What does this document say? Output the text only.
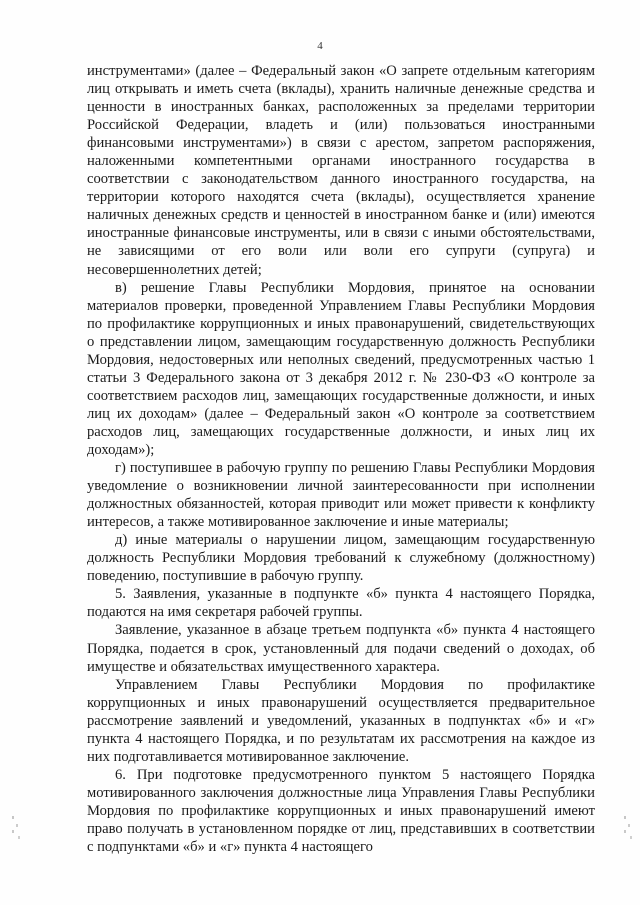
4

инструментами» (далее – Федеральный закон «О запрете отдельным категориям лиц открывать и иметь счета (вклады), хранить наличные денежные средства и ценности в иностранных банках, расположенных за пределами территории Российской Федерации, владеть и (или) пользоваться иностранными финансовыми инструментами») в связи с арестом, запретом распоряжения, наложенными компетентными органами иностранного государства в соответствии с законодательством данного иностранного государства, на территории которого находятся счета (вклады), осуществляется хранение наличных денежных средств и ценностей в иностранном банке и (или) имеются иностранные финансовые инструменты, или в связи с иными обстоятельствами, не зависящими от его воли или воли его супруги (супруга) и несовершеннолетних детей;

в) решение Главы Республики Мордовия, принятое на основании материалов проверки, проведенной Управлением Главы Республики Мордовия по профилактике коррупционных и иных правонарушений, свидетельствующих о представлении лицом, замещающим государственную должность Республики Мордовия, недостоверных или неполных сведений, предусмотренных частью 1 статьи 3 Федерального закона от 3 декабря 2012 г. № 230-ФЗ «О контроле за соответствием расходов лиц, замещающих государственные должности, и иных лиц их доходам» (далее – Федеральный закон «О контроле за соответствием расходов лиц, замещающих государственные должности, и иных лиц их доходам»);

г) поступившее в рабочую группу по решению Главы Республики Мордовия уведомление о возникновении личной заинтересованности при исполнении должностных обязанностей, которая приводит или может привести к конфликту интересов, а также мотивированное заключение и иные материалы;

д) иные материалы о нарушении лицом, замещающим государственную должность Республики Мордовия требований к служебному (должностному) поведению, поступившие в рабочую группу.

5. Заявления, указанные в подпункте «б» пункта 4 настоящего Порядка, подаются на имя секретаря рабочей группы.

Заявление, указанное в абзаце третьем подпункта «б» пункта 4 настоящего Порядка, подается в срок, установленный для подачи сведений о доходах, об имуществе и обязательствах имущественного характера.

Управлением Главы Республики Мордовия по профилактике коррупционных и иных правонарушений осуществляется предварительное рассмотрение заявлений и уведомлений, указанных в подпунктах «б» и «г» пункта 4 настоящего Порядка, и по результатам их рассмотрения на каждое из них подготавливается мотивированное заключение.

6. При подготовке предусмотренного пунктом 5 настоящего Порядка мотивированного заключения должностные лица Управления Главы Республики Мордовия по профилактике коррупционных и иных правонарушений имеют право получать в установленном порядке от лиц, представивших в соответствии с подпунктами «б» и «г» пункта 4 настоящего
